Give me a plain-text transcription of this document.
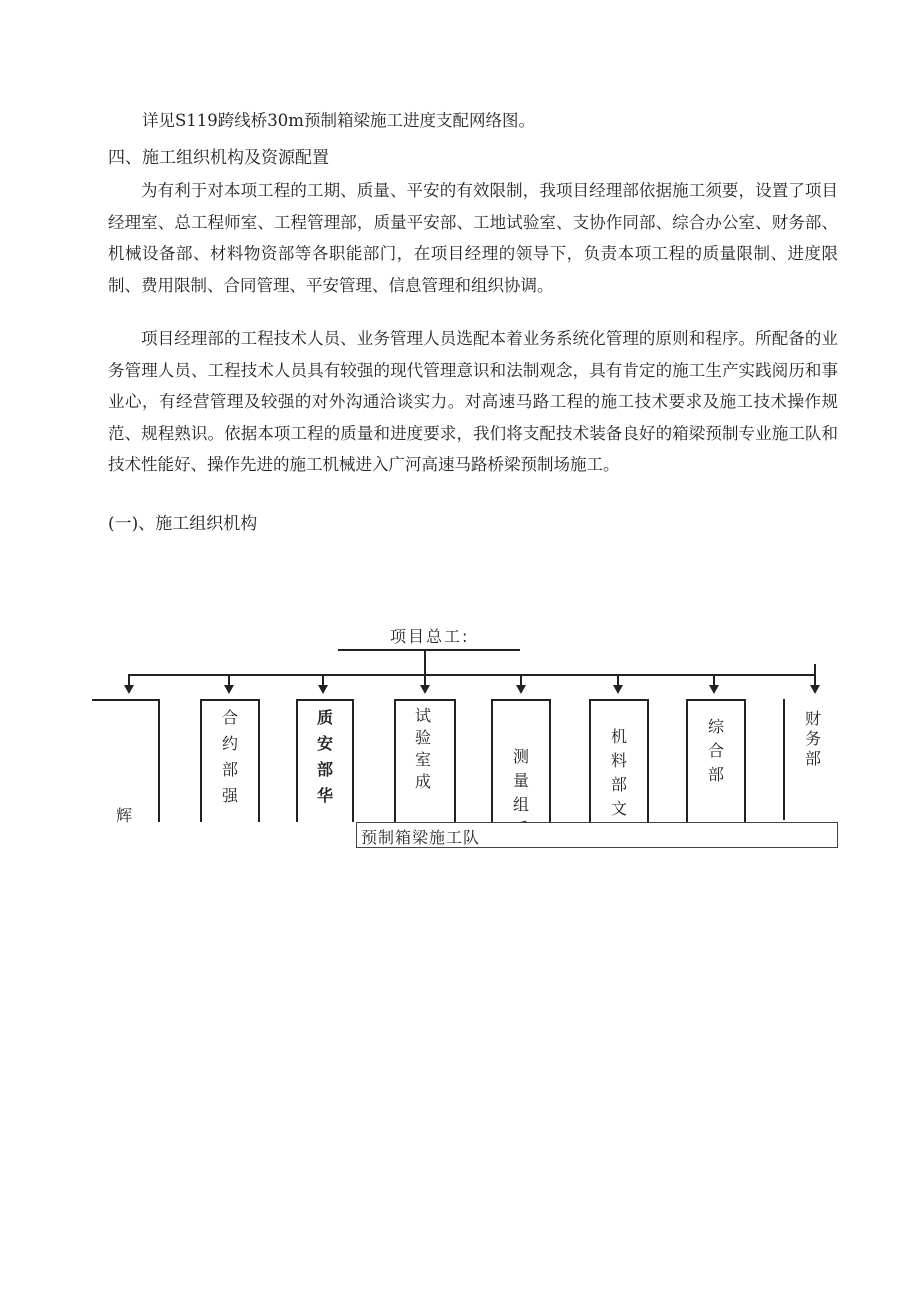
详见S119跨线桥30m预制箱梁施工进度支配网络图。

四、施工组织机构及资源配置

为有利于对本项工程的工期、质量、平安的有效限制，我项目经理部依据施工须要，设置了项目经理室、总工程师室、工程管理部，质量平安部、工地试验室、支协作同部、综合办公室、财务部、机械设备部、材料物资部等各职能部门，在项目经理的领导下，负责本项工程的质量限制、进度限制、费用限制、合同管理、平安管理、信息管理和组织协调。

项目经理部的工程技术人员、业务管理人员选配本着业务系统化管理的原则和程序。所配备的业务管理人员、工程技术人员具有较强的现代管理意识和法制观念，具有肯定的施工生产实践阅历和事业心，有经营管理及较强的对外沟通洽谈实力。对高速马路工程的施工技术要求及施工技术操作规范、规程熟识。依据本项工程的质量和进度要求，我们将支配技术装备良好的箱梁预制专业施工队和技术性能好、操作先进的施工机械进入广河高速马路桥梁预制场施工。

(一)、施工组织机构

项目总工:
辉
合约部强
质安部华
试验室成
测量组
机料部文
综合部
财务部
预制箱梁施工队
